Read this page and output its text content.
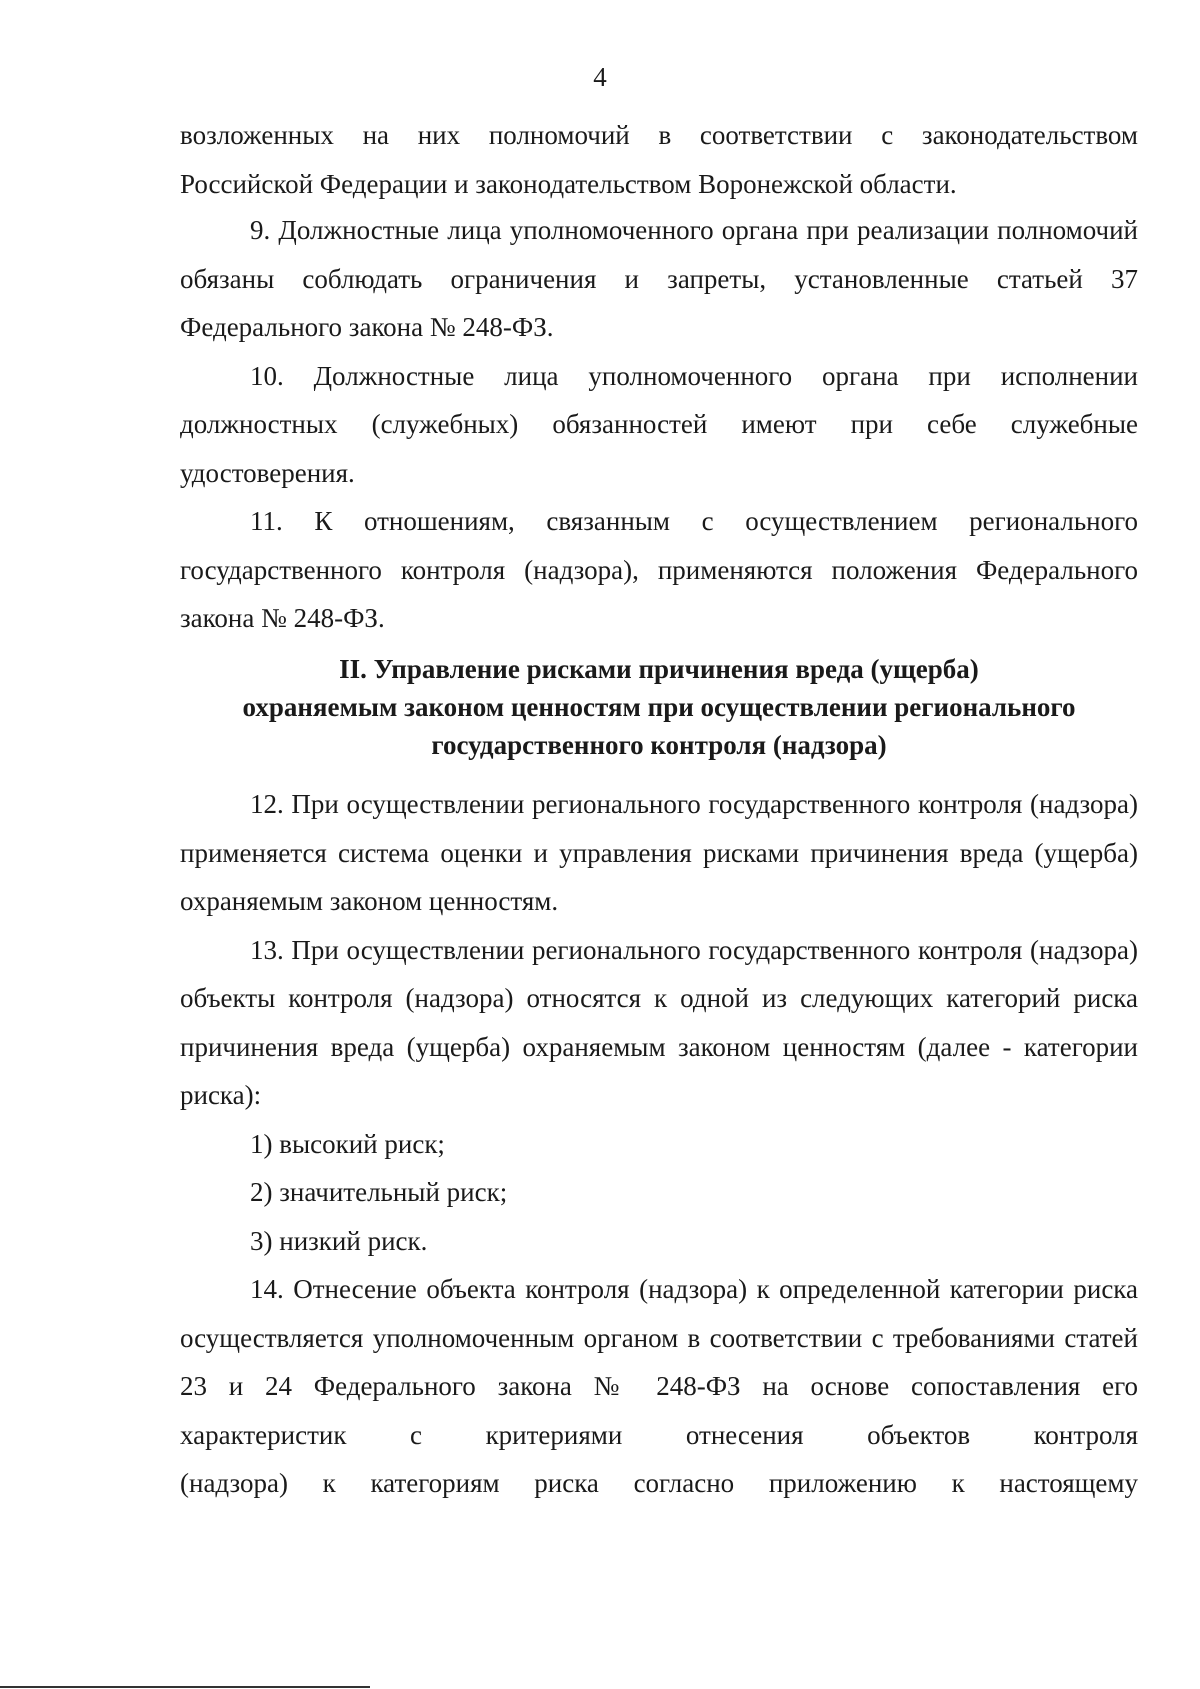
4

возложенных на них полномочий в соответствии с законодательством

Российской Федерации и законодательством Воронежской области.

9. Должностные лица уполномоченного органа при реализации полномочий обязаны соблюдать ограничения и запреты, установленные статьей 37 Федерального закона № 248-ФЗ.

10. Должностные лица уполномоченного органа при исполнении должностных (служебных) обязанностей имеют при себе служебные удостоверения.

11. К отношениям, связанным с осуществлением регионального государственного контроля (надзора), применяются положения Федерального закона № 248-ФЗ.

II. Управление рисками причинения вреда (ущерба)
охраняемым законом ценностям при осуществлении регионального
государственного контроля (надзора)

12. При осуществлении регионального государственного контроля (надзора) применяется система оценки и управления рисками причинения вреда (ущерба) охраняемым законом ценностям.

13. При осуществлении регионального государственного контроля (надзора) объекты контроля (надзора) относятся к одной из следующих категорий риска причинения вреда (ущерба) охраняемым законом ценностям (далее - категории риска):

1) высокий риск;

2) значительный риск;

3) низкий риск.

14. Отнесение объекта контроля (надзора) к определенной категории риска осуществляется уполномоченным органом в соответствии с требованиями статей 23 и 24 Федерального закона № 248-ФЗ на основе сопоставления его характеристик с критериями отнесения объектов контроля

(надзора) к категориям риска согласно приложению к настоящему
